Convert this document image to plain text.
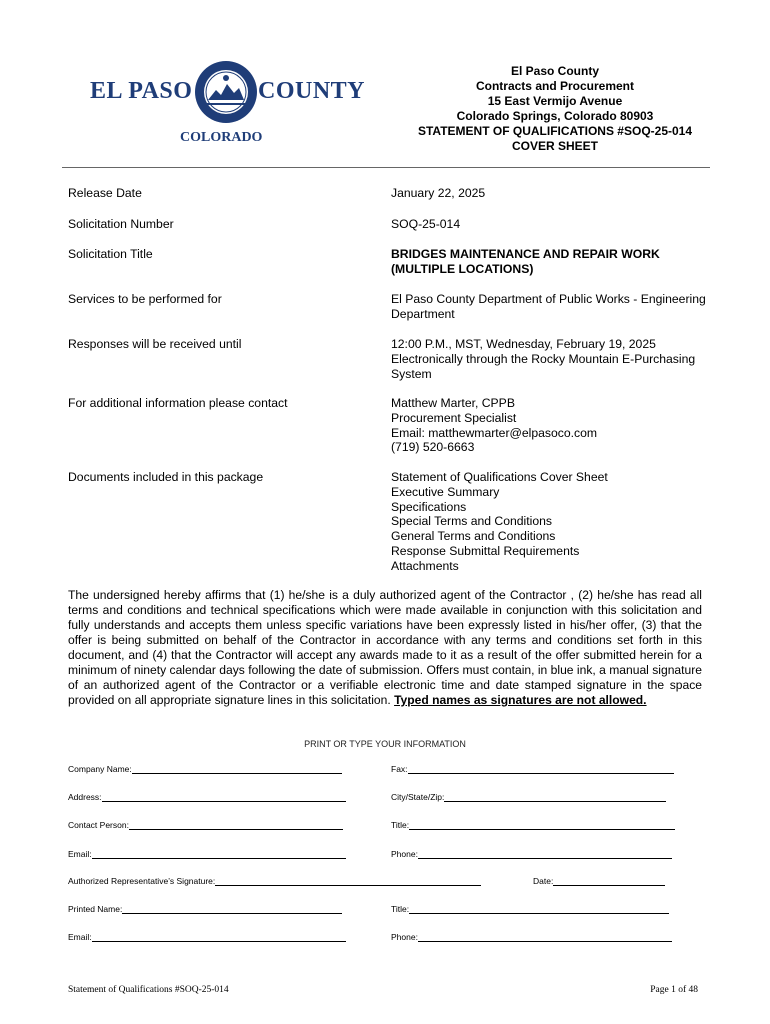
EL PASO	COUNTY
COLORADO
El Paso County
Contracts and Procurement
15 East Vermijo Avenue
Colorado Springs, Colorado 80903
STATEMENT OF QUALIFICATIONS #SOQ-25-014
COVER SHEET
Release Date	January 22, 2025
Solicitation Number	SOQ-25-014
Solicitation Title	BRIDGES MAINTENANCE AND REPAIR WORK
(MULTIPLE LOCATIONS)
Services to be performed for	El Paso County Department of Public Works - Engineering
Department
Responses will be received until	12:00 P.M., MST, Wednesday, February 19, 2025
Electronically through the Rocky Mountain E-Purchasing
System
For additional information please contact	Matthew Marter, CPPB
Procurement Specialist
Email: matthewmarter@elpasoco.com
(719) 520-6663
Documents included in this package	Statement of Qualifications Cover Sheet
Executive Summary
Specifications
Special Terms and Conditions
General Terms and Conditions
Response Submittal Requirements
Attachments
The undersigned hereby affirms that (1) he/she is a duly authorized agent of the Contractor , (2) he/she has read all terms and conditions and technical specifications which were made available in conjunction with this solicitation and fully understands and accepts them unless specific variations have been expressly listed in his/her offer, (3) that the offer is being submitted on behalf of the Contractor in accordance with any terms and conditions set forth in this document, and (4) that the Contractor will accept any awards made to it as a result of the offer submitted herein for a minimum of ninety calendar days following the date of submission. Offers must contain, in blue ink, a manual signature of an authorized agent of the Contractor or a verifiable electronic time and date stamped signature in the space provided on all appropriate signature lines in this solicitation. Typed names as signatures are not allowed.
PRINT OR TYPE YOUR INFORMATION
Company Name:	Fax:
Address:	City/State/Zip:
Contact Person:	Title:
Email:	Phone:
Authorized Representative’s Signature:	Date:
Printed Name:	Title:
Email:	Phone:
Statement of Qualifications #SOQ-25-014	Page 1 of 48
